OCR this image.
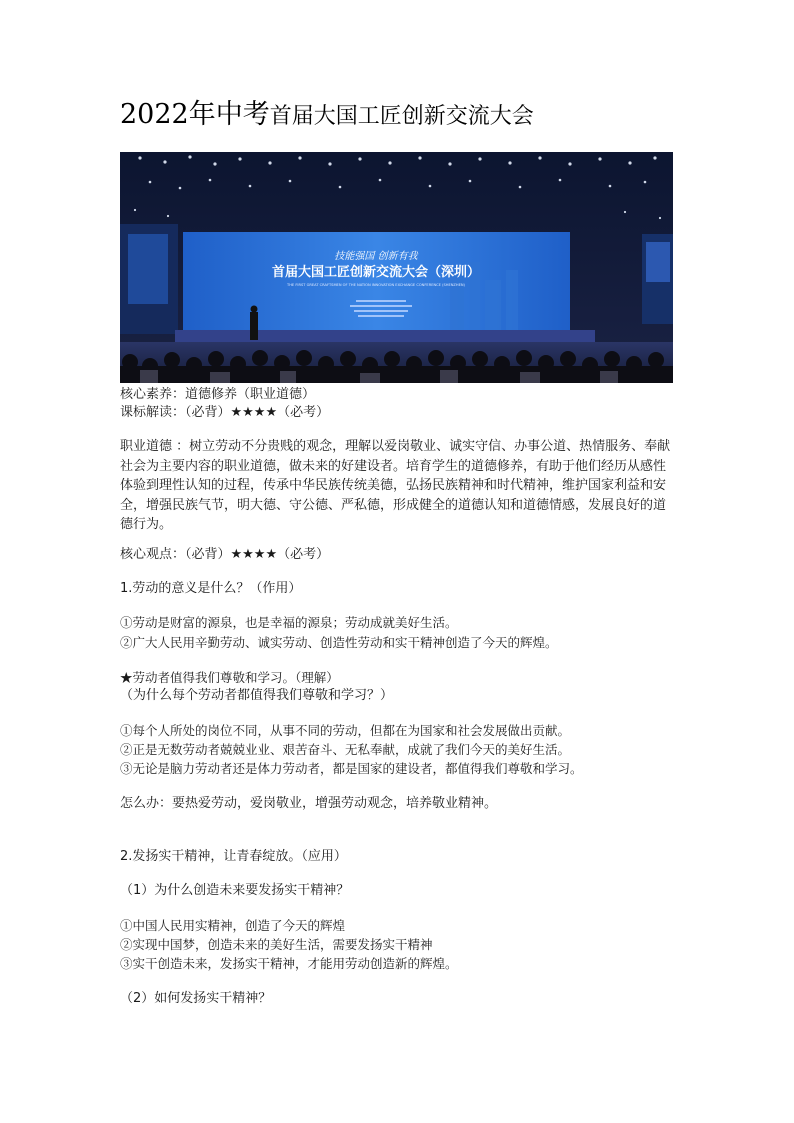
2022年中考首届大国工匠创新交流大会
技能强国 创新有我
首届大国工匠创新交流大会（深圳）
THE FIRST GREAT CRAFTSMEN OF THE NATION INNOVATION EXCHANGE CONFERENCE (SHENZHEN)
核心素养：道德修养（职业道德）
课标解读：（必背）★★★★（必考）
职业道德 ：树立劳动不分贵贱的观念，理解以爱岗敬业、诚实守信、办事公道、热情服务、奉献社会为主要内容的职业道德，做未来的好建设者。培育学生的道德修养，有助于他们经历从感性体验到理性认知的过程，传承中华民族传统美德，弘扬民族精神和时代精神，维护国家利益和安全，增强民族气节，明大德、守公德、严私德，形成健全的道德认知和道德情感，发展良好的道德行为。
核心观点：（必背）★★★★（必考）
1.劳动的意义是什么？（作用）
①劳动是财富的源泉，也是幸福的源泉；劳动成就美好生活。
②广大人民用辛勤劳动、诚实劳动、创造性劳动和实干精神创造了今天的辉煌。
★劳动者值得我们尊敬和学习。（理解）
（为什么每个劳动者都值得我们尊敬和学习？）
①每个人所处的岗位不同，从事不同的劳动，但都在为国家和社会发展做出贡献。
②正是无数劳动者兢兢业业、艰苦奋斗、无私奉献，成就了我们今天的美好生活。
③无论是脑力劳动者还是体力劳动者，都是国家的建设者，都值得我们尊敬和学习。
怎么办：要热爱劳动，爱岗敬业，增强劳动观念，培养敬业精神。
2.发扬实干精神，让青春绽放。（应用）
（1）为什么创造未来要发扬实干精神？
①中国人民用实精神，创造了今天的辉煌
②实现中国梦，创造未来的美好生活，需要发扬实干精神
③实干创造未来，发扬实干精神，才能用劳动创造新的辉煌。
（2）如何发扬实干精神？
